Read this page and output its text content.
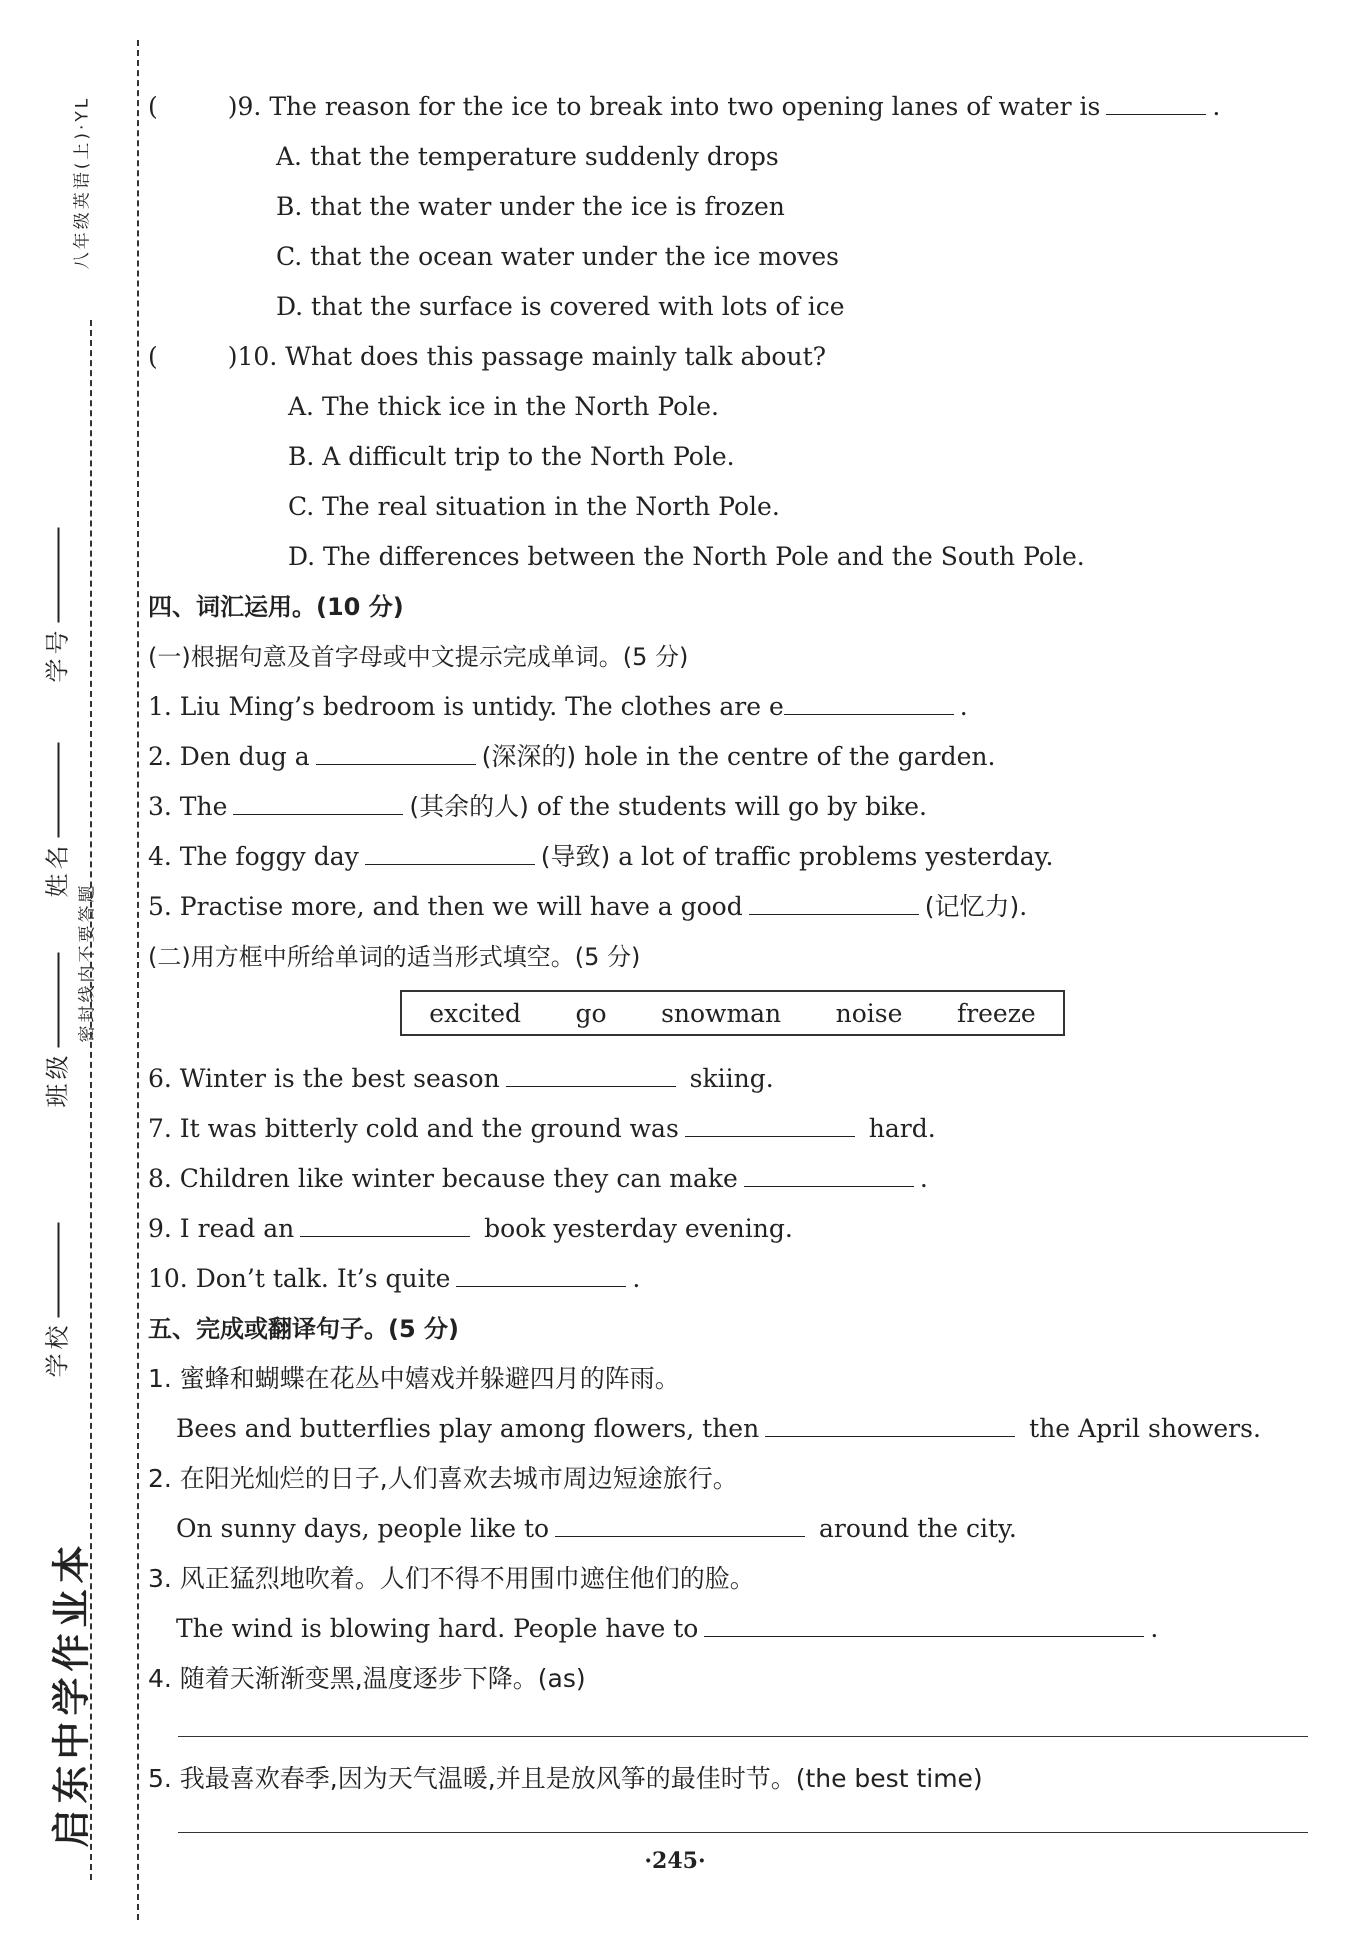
启东中学作业本
八年级英语(上)·YL
密封线内不要答题
学校
班级
姓名
学号
(	)9. The reason for the ice to break into two opening lanes of water is	.
A. that the temperature suddenly drops
B. that the water under the ice is frozen
C. that the ocean water under the ice moves
D. that the surface is covered with lots of ice
(	)10. What does this passage mainly talk about?
A. The thick ice in the North Pole.
B. A difficult trip to the North Pole.
C. The real situation in the North Pole.
D. The differences between the North Pole and the South Pole.
四、词汇运用。(10 分)
(一)根据句意及首字母或中文提示完成单词。(5 分)
1. Liu Ming’s bedroom is untidy. The clothes are e	.
2. Den dug a	(深深的) hole in the centre of the garden.
3. The	(其余的人) of the students will go by bike.
4. The foggy day	(导致) a lot of traffic problems yesterday.
5. Practise more, and then we will have a good	(记忆力).
(二)用方框中所给单词的适当形式填空。(5 分)
6. Winter is the best season	skiing.
7. It was bitterly cold and the ground was	hard.
8. Children like winter because they can make	.
9. I read an	book yesterday evening.
10. Don’t talk. It’s quite	.
五、完成或翻译句子。(5 分)
1. 蜜蜂和蝴蝶在花丛中嬉戏并躲避四月的阵雨。
Bees and butterflies play among flowers, then	the April showers.
2. 在阳光灿烂的日子,人们喜欢去城市周边短途旅行。
On sunny days, people like to	around the city.
3. 风正猛烈地吹着。人们不得不用围巾遮住他们的脸。
The wind is blowing hard. People have to	.
4. 随着天渐渐变黑,温度逐步下降。(as)
5. 我最喜欢春季,因为天气温暖,并且是放风筝的最佳时节。(the best time)
excited go snowman noise freeze
·245·
